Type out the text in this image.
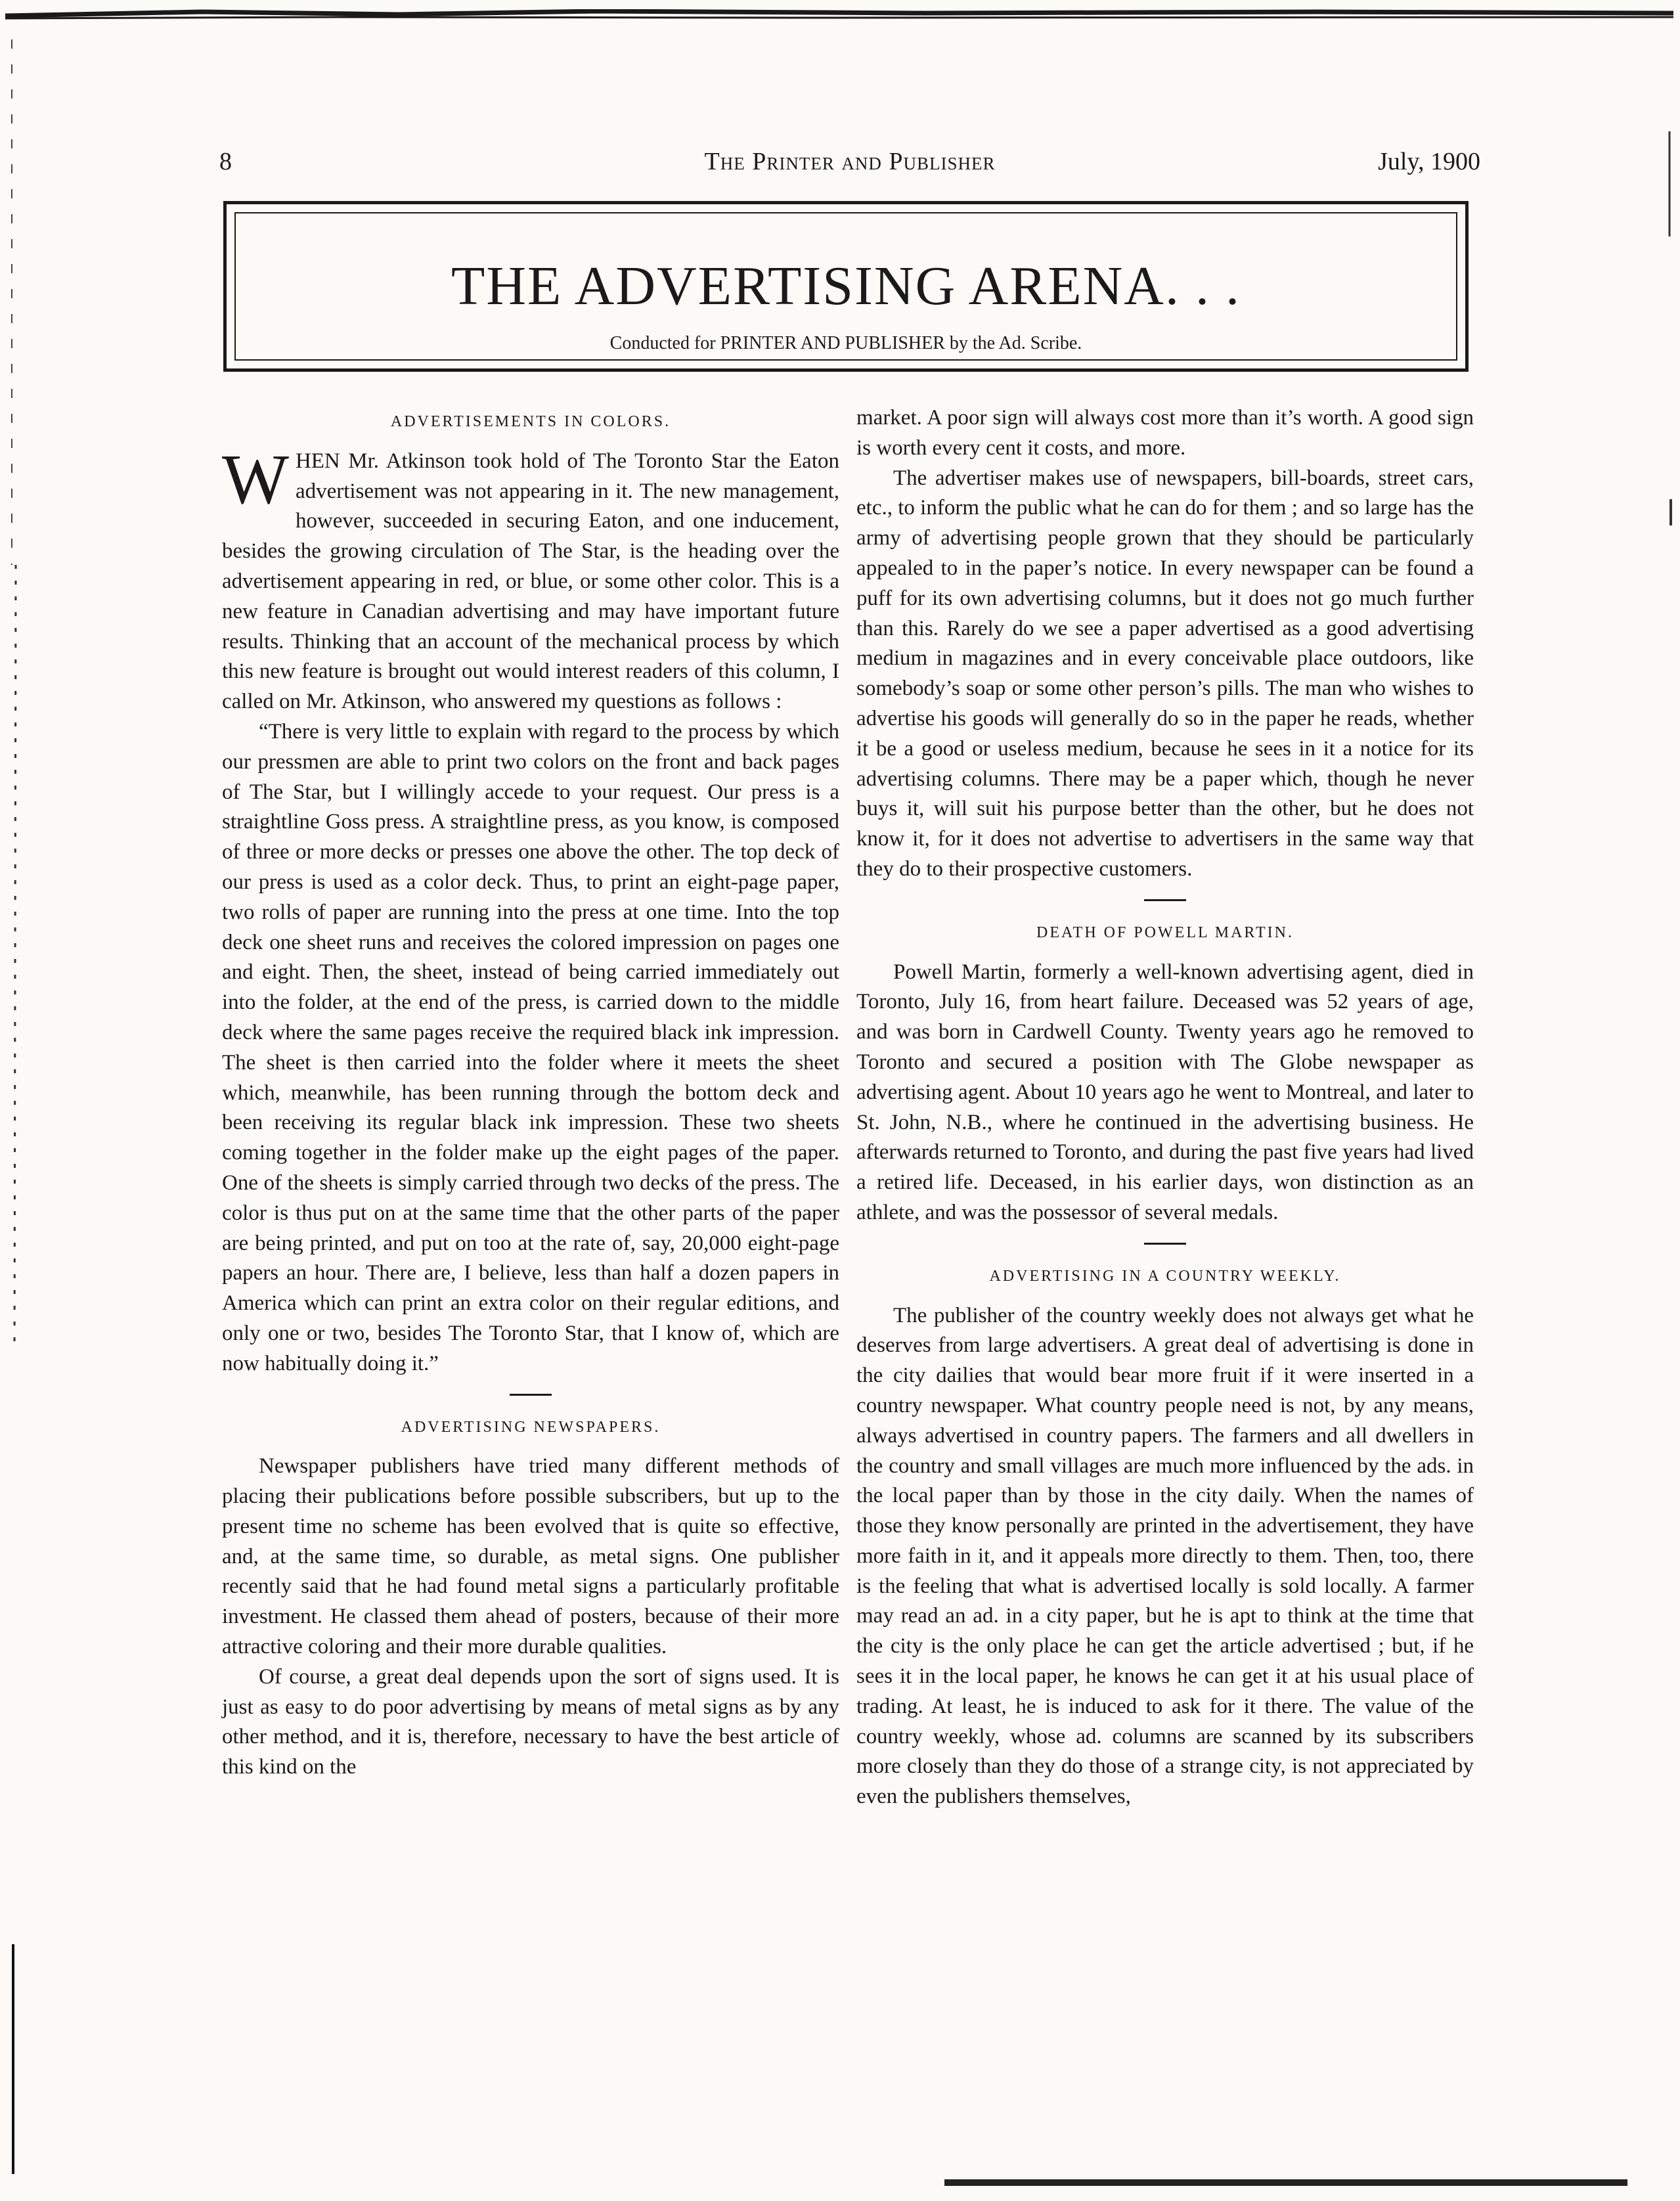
8	The Printer and Publisher	July, 1900
THE ADVERTISING ARENA. . .
Conducted for PRINTER AND PUBLISHER by the Ad. Scribe.
ADVERTISEMENTS IN COLORS.

WHEN Mr. Atkinson took hold of The Toronto Star the Eaton advertisement was not appearing in it. The new management, however, succeeded in securing Eaton, and one inducement, besides the growing circulation of The Star, is the heading over the advertisement appearing in red, or blue, or some other color. This is a new feature in Canadian advertising and may have important future results. Thinking that an account of the mechanical process by which this new feature is brought out would interest readers of this column, I called on Mr. Atkinson, who answered my questions as follows :

“There is very little to explain with regard to the process by which our pressmen are able to print two colors on the front and back pages of The Star, but I willingly accede to your request. Our press is a straightline Goss press. A straightline press, as you know, is composed of three or more decks or presses one above the other. The top deck of our press is used as a color deck. Thus, to print an eight-page paper, two rolls of paper are running into the press at one time. Into the top deck one sheet runs and receives the colored impression on pages one and eight. Then, the sheet, instead of being carried immediately out into the folder, at the end of the press, is carried down to the middle deck where the same pages receive the required black ink impression. The sheet is then carried into the folder where it meets the sheet which, meanwhile, has been running through the bottom deck and been receiving its regular black ink impression. These two sheets coming together in the folder make up the eight pages of the paper. One of the sheets is simply carried through two decks of the press. The color is thus put on at the same time that the other parts of the paper are being printed, and put on too at the rate of, say, 20,000 eight-page papers an hour. There are, I believe, less than half a dozen papers in America which can print an extra color on their regular editions, and only one or two, besides The Toronto Star, that I know of, which are now habitually doing it.”

ADVERTISING NEWSPAPERS.

Newspaper publishers have tried many different methods of placing their publications before possible subscribers, but up to the present time no scheme has been evolved that is quite so effective, and, at the same time, so durable, as metal signs. One publisher recently said that he had found metal signs a particularly profitable investment. He classed them ahead of posters, because of their more attractive coloring and their more durable qualities.

Of course, a great deal depends upon the sort of signs used. It is just as easy to do poor advertising by means of metal signs as by any other method, and it is, therefore, necessary to have the best article of this kind on the

market. A poor sign will always cost more than it’s worth. A good sign is worth every cent it costs, and more.

The advertiser makes use of newspapers, bill-boards, street cars, etc., to inform the public what he can do for them ; and so large has the army of advertising people grown that they should be particularly appealed to in the paper’s notice. In every newspaper can be found a puff for its own advertising columns, but it does not go much further than this. Rarely do we see a paper advertised as a good advertising medium in magazines and in every conceivable place outdoors, like somebody’s soap or some other person’s pills. The man who wishes to advertise his goods will generally do so in the paper he reads, whether it be a good or useless medium, because he sees in it a notice for its advertising columns. There may be a paper which, though he never buys it, will suit his purpose better than the other, but he does not know it, for it does not advertise to advertisers in the same way that they do to their prospective customers.

DEATH OF POWELL MARTIN.

Powell Martin, formerly a well-known advertising agent, died in Toronto, July 16, from heart failure. Deceased was 52 years of age, and was born in Cardwell County. Twenty years ago he removed to Toronto and secured a position with The Globe newspaper as advertising agent. About 10 years ago he went to Montreal, and later to St. John, N.B., where he continued in the advertising business. He afterwards returned to Toronto, and during the past five years had lived a retired life. Deceased, in his earlier days, won distinction as an athlete, and was the possessor of several medals.

ADVERTISING IN A COUNTRY WEEKLY.

The publisher of the country weekly does not always get what he deserves from large advertisers. A great deal of advertising is done in the city dailies that would bear more fruit if it were inserted in a country newspaper. What country people need is not, by any means, always advertised in country papers. The farmers and all dwellers in the country and small villages are much more influenced by the ads. in the local paper than by those in the city daily. When the names of those they know personally are printed in the advertisement, they have more faith in it, and it appeals more directly to them. Then, too, there is the feeling that what is advertised locally is sold locally. A farmer may read an ad. in a city paper, but he is apt to think at the time that the city is the only place he can get the article advertised ; but, if he sees it in the local paper, he knows he can get it at his usual place of trading. At least, he is induced to ask for it there. The value of the country weekly, whose ad. columns are scanned by its subscribers more closely than they do those of a strange city, is not appreciated by even the publishers themselves,
